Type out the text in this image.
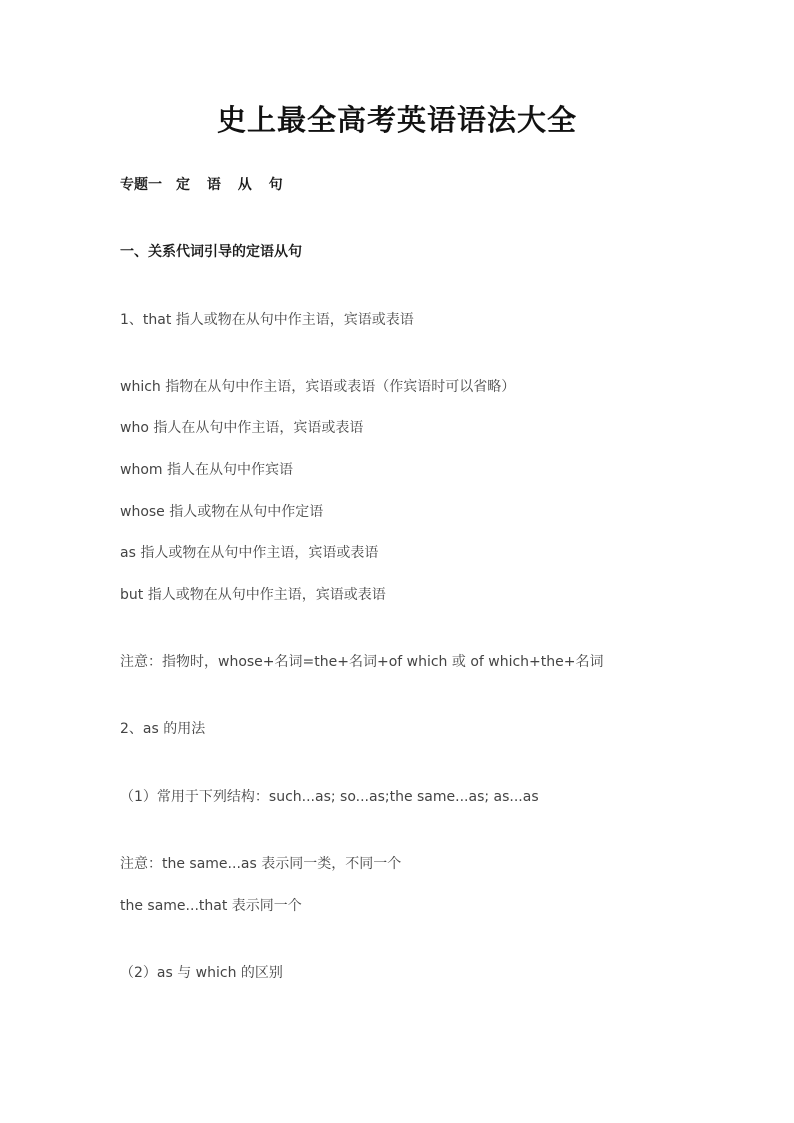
史上最全高考英语语法大全

专题一 定 语 从 句

一、关系代词引导的定语从句

1、that 指人或物在从句中作主语，宾语或表语

which 指物在从句中作主语，宾语或表语（作宾语时可以省略）

who 指人在从句中作主语，宾语或表语

whom 指人在从句中作宾语

whose 指人或物在从句中作定语

as 指人或物在从句中作主语，宾语或表语

but 指人或物在从句中作主语，宾语或表语

注意：指物时，whose+名词=the+名词+of which 或 of which+the+名词

2、as 的用法

（1）常用于下列结构：such...as; so...as;the same...as; as...as

注意：the same...as 表示同一类，不同一个

the same...that 表示同一个

（2）as 与 which 的区别
